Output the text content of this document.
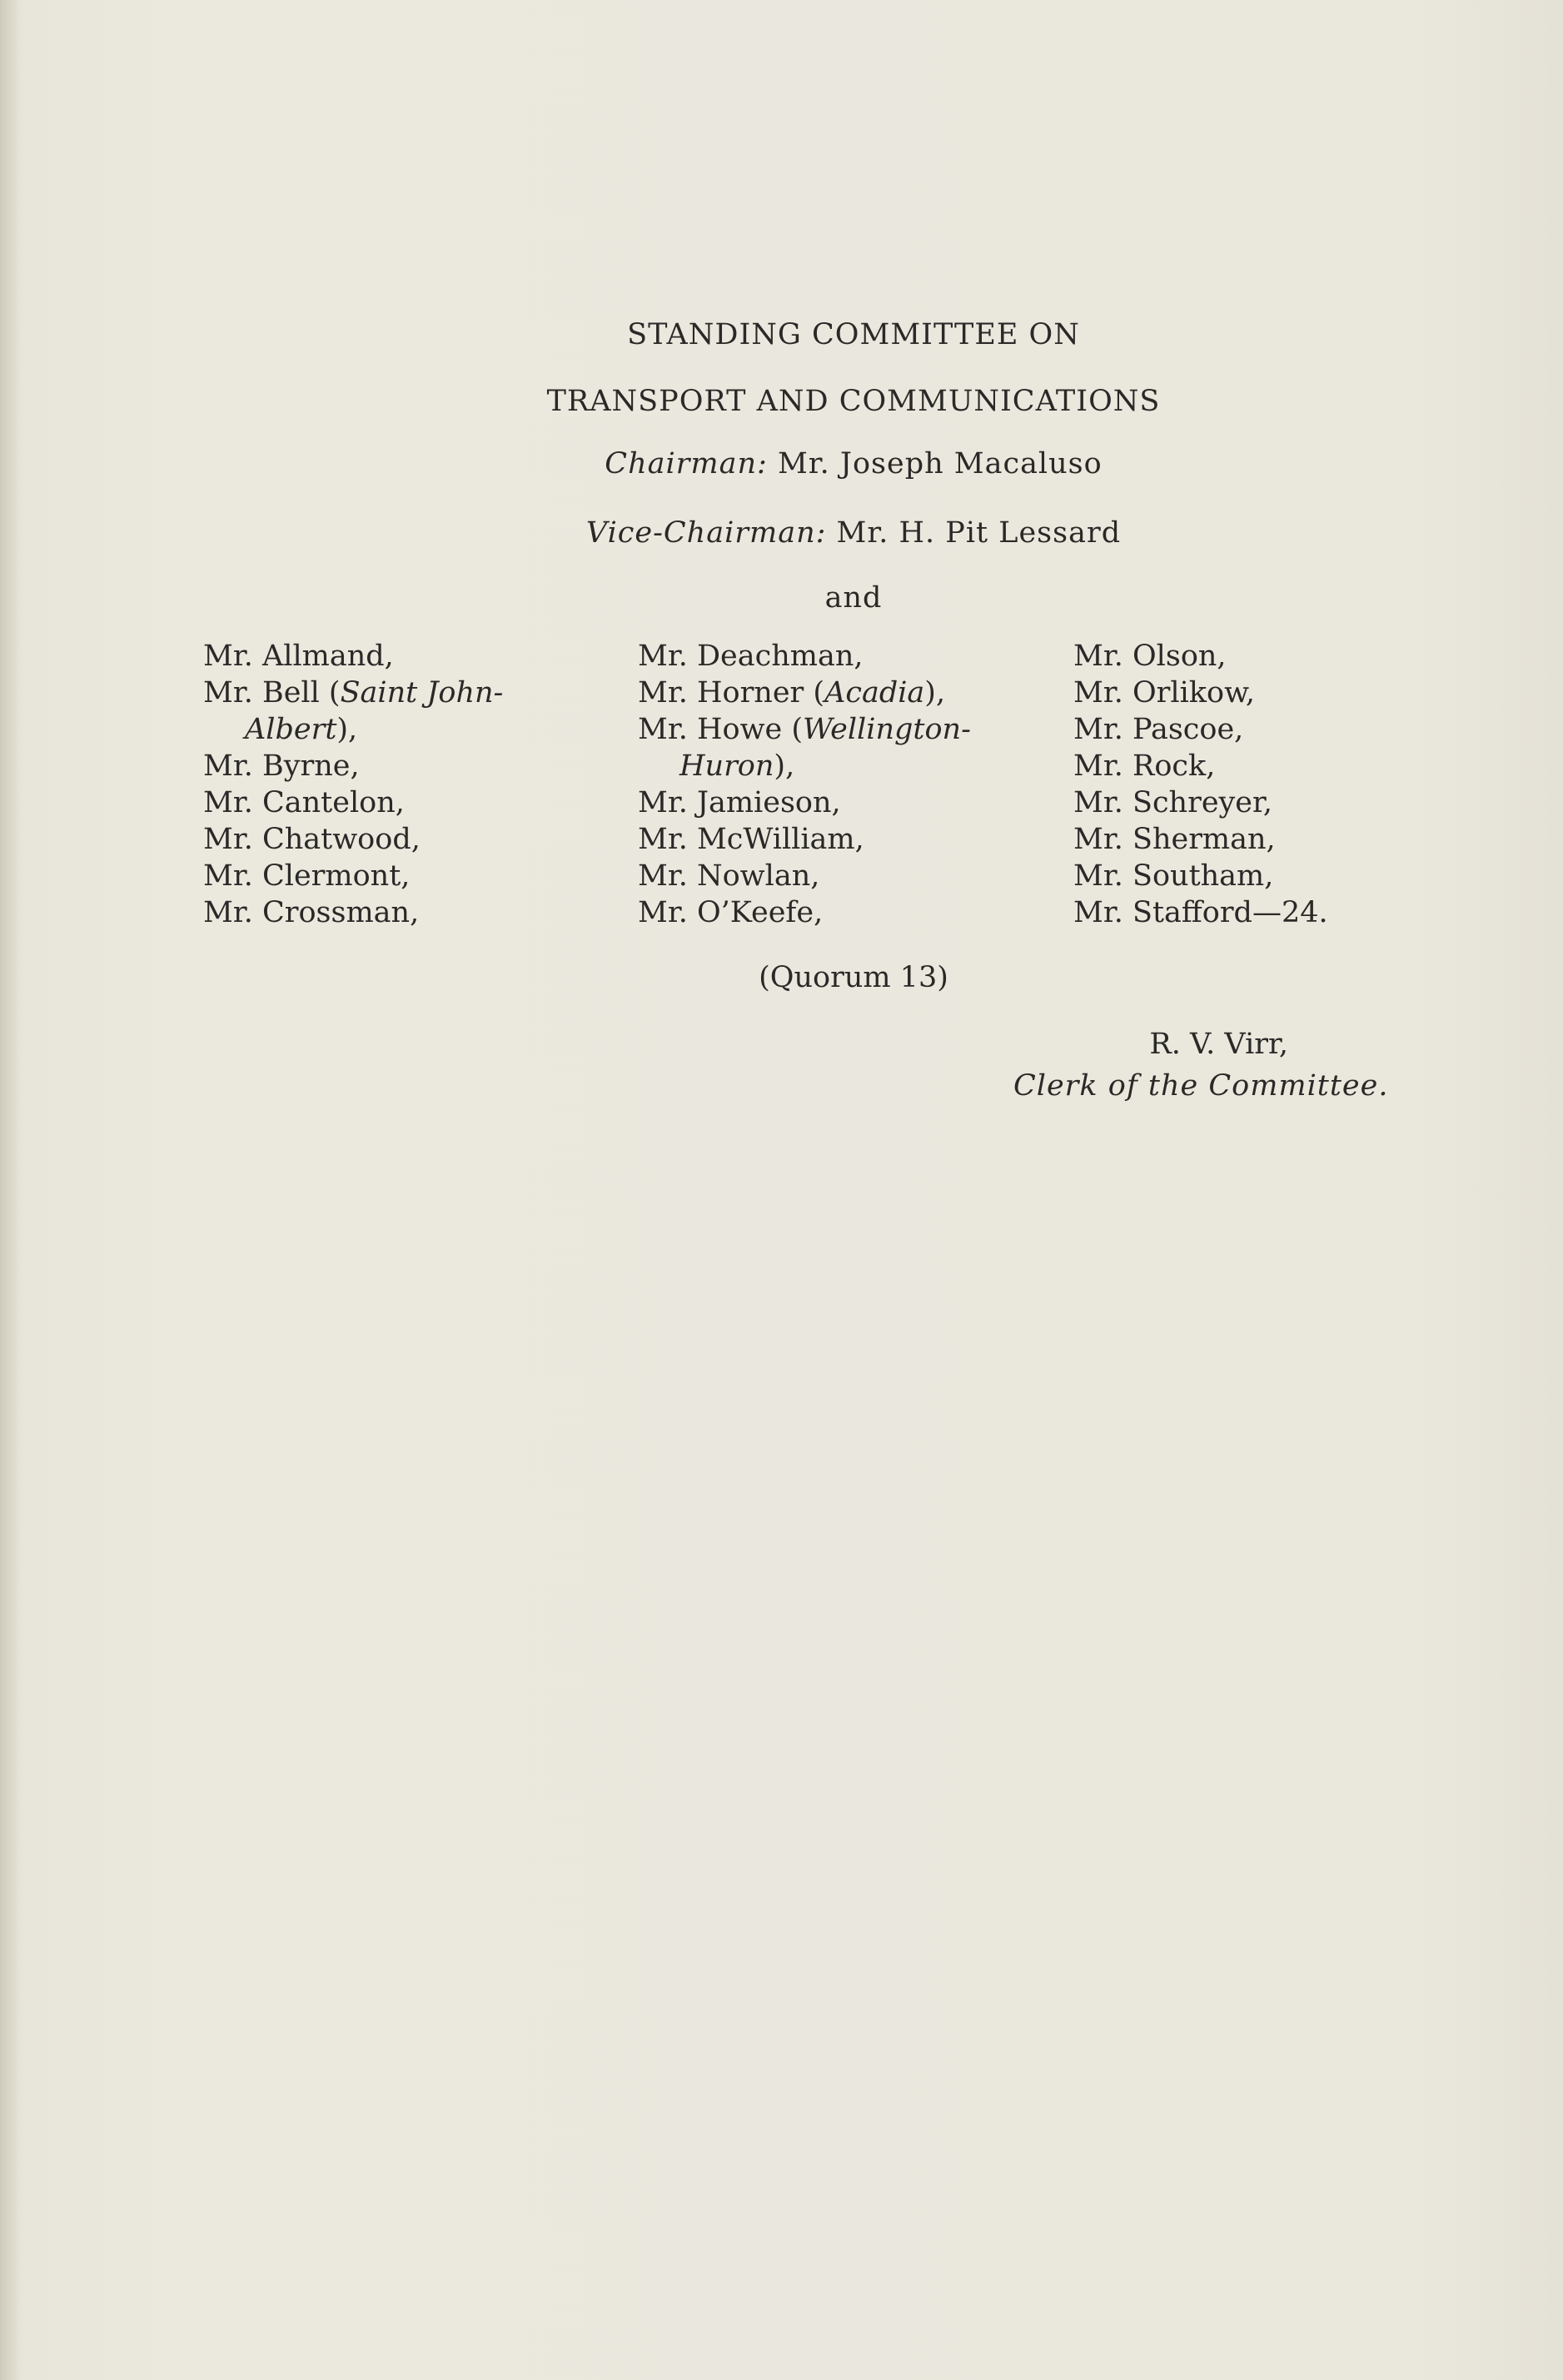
STANDING COMMITTEE ON
TRANSPORT AND COMMUNICATIONS
Chairman: Mr. Joseph Macaluso
Vice-Chairman: Mr. H. Pit Lessard
and
Mr. Allmand,
Mr. Bell (Saint John-
Albert),
Mr. Byrne,
Mr. Cantelon,
Mr. Chatwood,
Mr. Clermont,
Mr. Crossman,
Mr. Deachman,
Mr. Horner (Acadia),
Mr. Howe (Wellington-
Huron),
Mr. Jamieson,
Mr. McWilliam,
Mr. Nowlan,
Mr. O’Keefe,
Mr. Olson,
Mr. Orlikow,
Mr. Pascoe,
Mr. Rock,
Mr. Schreyer,
Mr. Sherman,
Mr. Southam,
Mr. Stafford—24.
(Quorum 13)
R. V. Virr,
Clerk of the Committee.
